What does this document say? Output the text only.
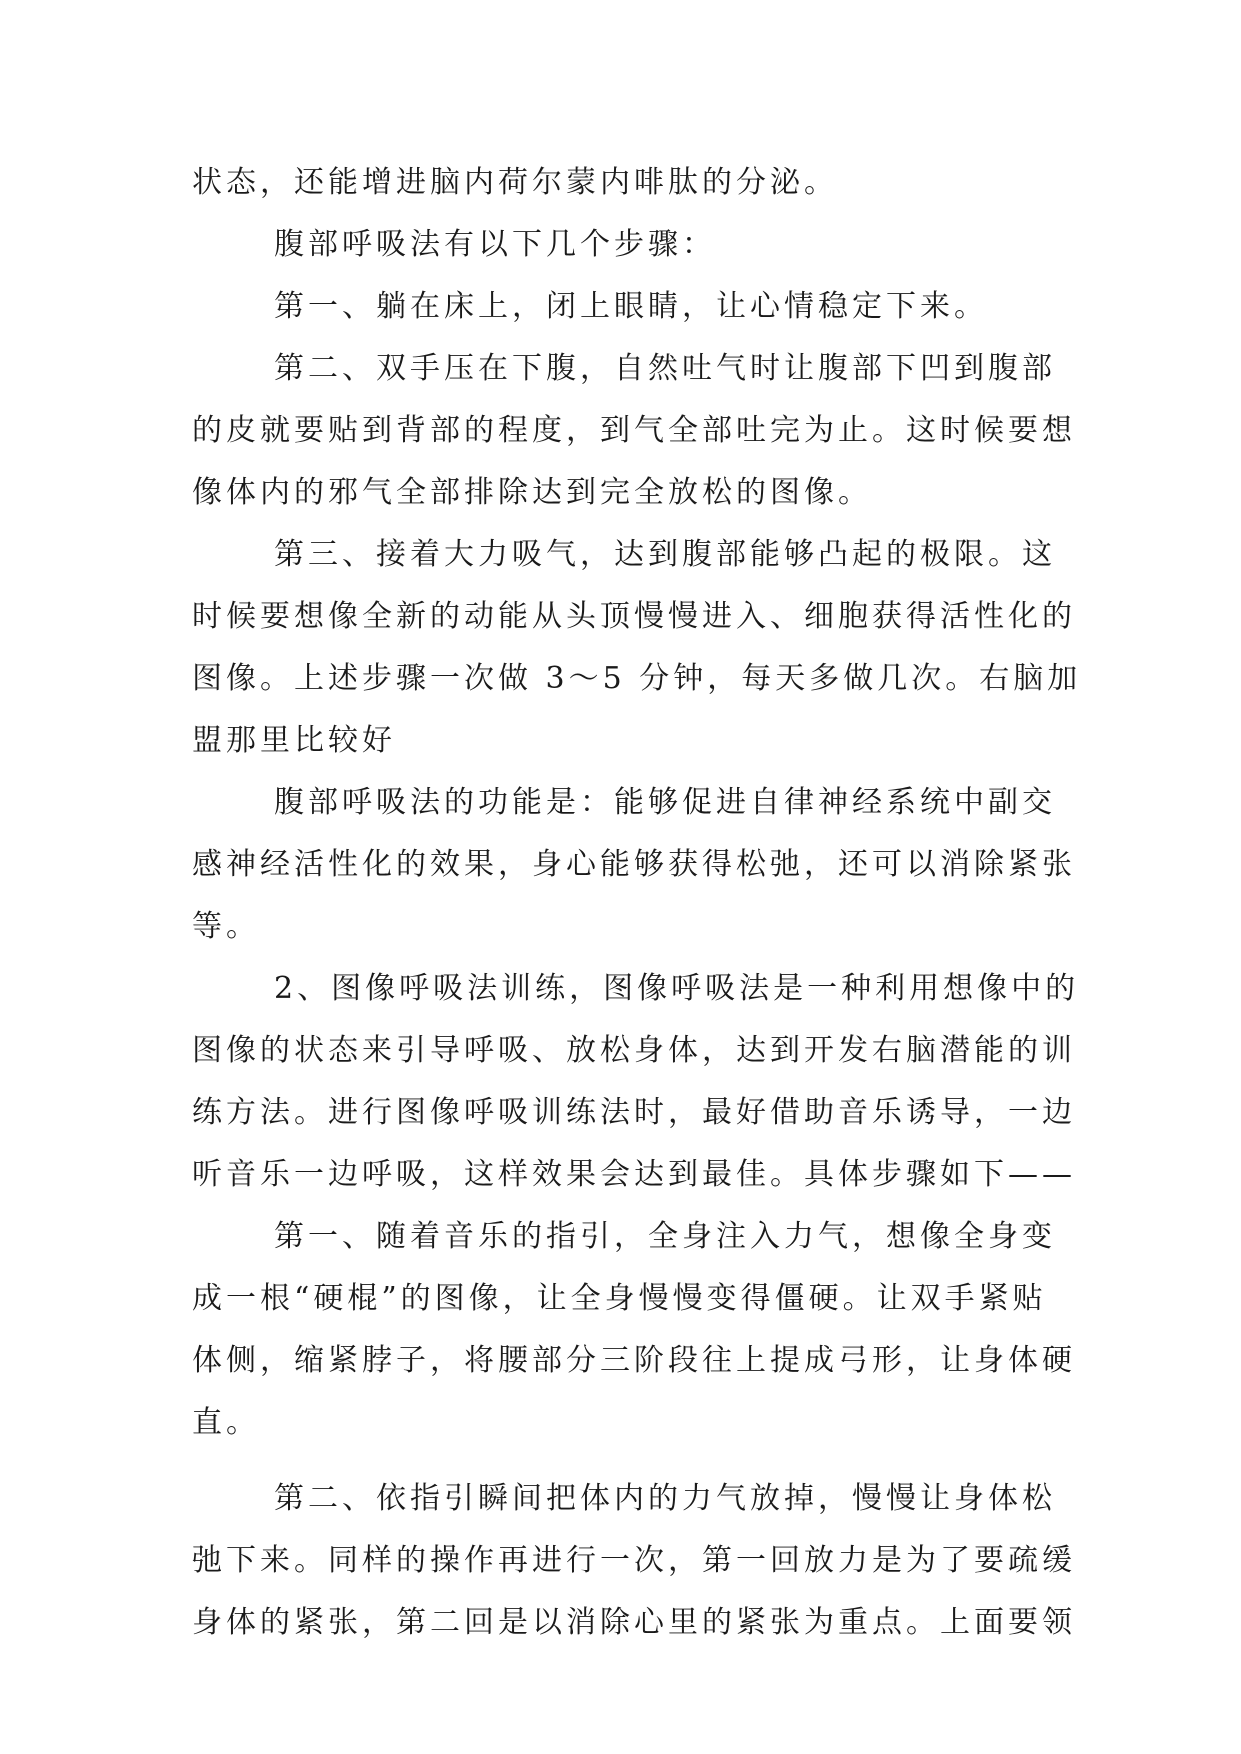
状态，还能增进脑内荷尔蒙内啡肽的分泌。
腹部呼吸法有以下几个步骤：
第一、躺在床上，闭上眼睛，让心情稳定下来。
第二、双手压在下腹，自然吐气时让腹部下凹到腹部
的皮就要贴到背部的程度，到气全部吐完为止。这时候要想
像体内的邪气全部排除达到完全放松的图像。
第三、接着大力吸气，达到腹部能够凸起的极限。这
时候要想像全新的动能从头顶慢慢进入、细胞获得活性化的
图像。上述步骤一次做 3～5 分钟，每天多做几次。右脑加
盟那里比较好
腹部呼吸法的功能是：能够促进自律神经系统中副交
感神经活性化的效果，身心能够获得松弛，还可以消除紧张
等。
2、图像呼吸法训练，图像呼吸法是一种利用想像中的
图像的状态来引导呼吸、放松身体，达到开发右脑潜能的训
练方法。进行图像呼吸训练法时，最好借助音乐诱导，一边
听音乐一边呼吸，这样效果会达到最佳。具体步骤如下——
第一、随着音乐的指引，全身注入力气，想像全身变
成一根“硬棍”的图像，让全身慢慢变得僵硬。让双手紧贴
体侧，缩紧脖子，将腰部分三阶段往上提成弓形，让身体硬
直。
第二、依指引瞬间把体内的力气放掉，慢慢让身体松
弛下来。同样的操作再进行一次，第一回放力是为了要疏缓
身体的紧张，第二回是以消除心里的紧张为重点。上面要领
